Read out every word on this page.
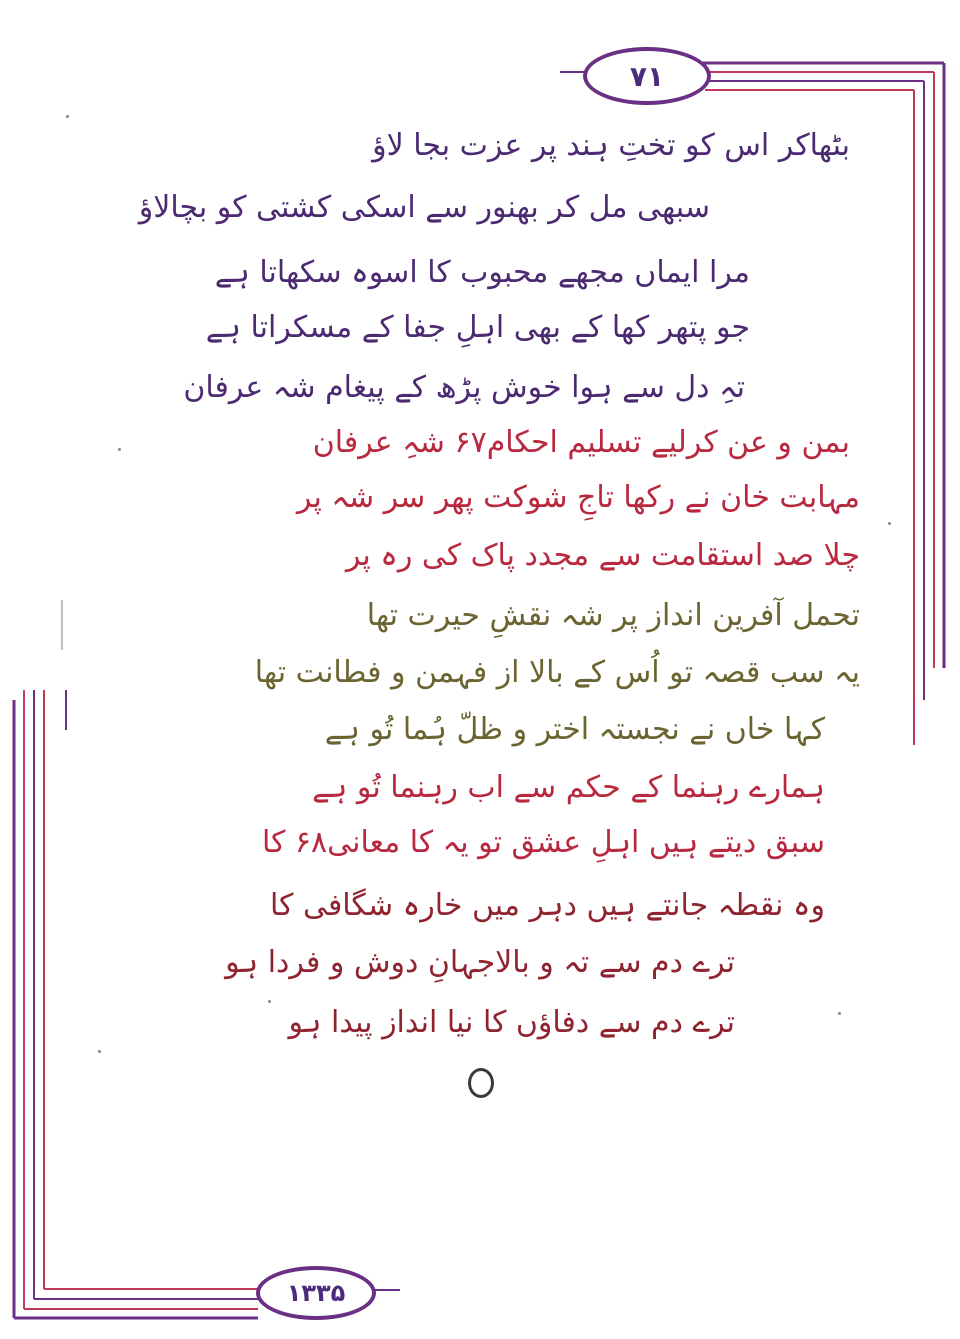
۷۱
بٹھاکر اس کو تختِ ہند پر عزت بجا لاؤ
سبھی مل کر بھنور سے اسکی کشتی کو بچالاؤ
مرا ایماں مجھے محبوب کا اسوہ سکھاتا ہے
جو پتھر کھا کے بھی اہلِ جفا کے مسکراتا ہے
تہِ دل سے ہوا خوش پڑھ کے پیغام شہ عرفان
بمن و عن کرلیے تسلیم احکام۶۷ شہِ عرفان
مہابت خان نے رکھا تاجِ شوکت پھر سر شہ پر
چلا صد استقامت سے مجدد پاک کی رہ پر
تحمل آفرین انداز پر شہ نقشِ حیرت تھا
یہ سب قصہ تو اُس کے بالا از فہمن و فطانت تھا
کہا خاں نے نجستہ اختر و ظلّ ہُما تُو ہے
ہمارے رہنما کے حکم سے اب رہنما تُو ہے
سبق دیتے ہیں اہلِ عشق تو یہ کا معانی۶۸ کا
وہ نقطہ جانتے ہیں دہر میں خارہ شگافی کا
ترے دم سے تہ و بالاجہانِ دوش و فردا ہو
ترے دم سے دفاؤں کا نیا انداز پیدا ہو
۱۳۳۵
